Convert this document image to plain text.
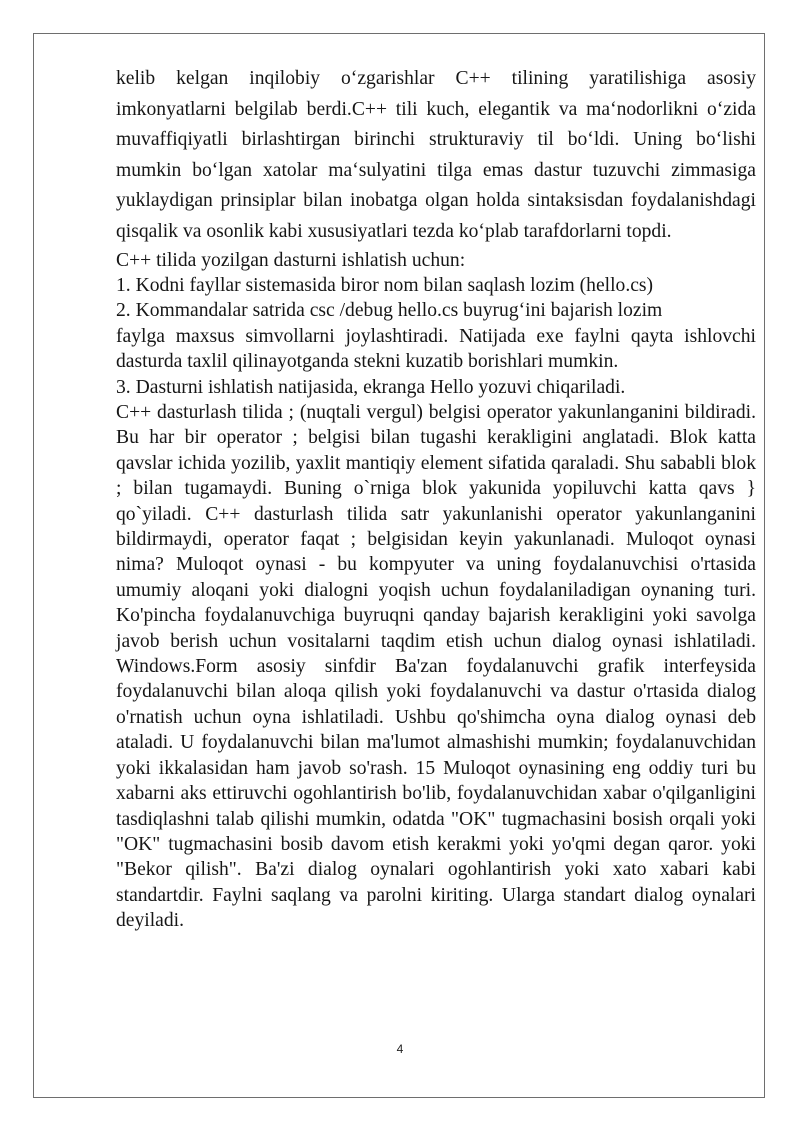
kelib kelgan inqilobiy o‘zgarishlar C++ tilining yaratilishiga asosiy imkonyatlarni belgilab berdi.C++ tili kuch, elegantik va ma‘nodorlikni o‘zida muvaffiqiyatli birlashtirgan birinchi strukturaviy til bo‘ldi. Uning bo‘lishi mumkin bo‘lgan xatolar ma‘sulyatini tilga emas dastur tuzuvchi zimmasiga yuklaydigan prinsiplar bilan inobatga olgan holda sintaksisdan foydalanishdagi qisqalik va osonlik kabi xususiyatlari tezda ko‘plab tarafdorlarni topdi.

C++ tilida yozilgan dasturni ishlatish uchun:

1. Kodni fayllar sistemasida biror nom bilan saqlash lozim (hello.cs)

2. Kommandalar satrida csc /debug hello.cs buyrug‘ini bajarish lozim

faylga maxsus simvollarni joylashtiradi. Natijada exe faylni qayta ishlovchi dasturda taxlil qilinayotganda stekni kuzatib borishlari mumkin.

3. Dasturni ishlatish natijasida, ekranga Hello yozuvi chiqariladi.

C++ dasturlash tilida ; (nuqtali vergul) belgisi operator yakunlanganini bildiradi. Bu har bir operator ; belgisi bilan tugashi kerakligini anglatadi. Blok katta qavslar ichida yozilib, yaxlit mantiqiy element sifatida qaraladi. Shu sababli blok ; bilan tugamaydi. Buning o`rniga blok yakunida yopiluvchi katta qavs } qo`yiladi. C++ dasturlash tilida satr yakunlanishi operator yakunlanganini bildirmaydi, operator faqat ; belgisidan keyin yakunlanadi. Muloqot oynasi nima? Muloqot oynasi - bu kompyuter va uning foydalanuvchisi o'rtasida umumiy aloqani yoki dialogni yoqish uchun foydalaniladigan oynaning turi. Ko'pincha foydalanuvchiga buyruqni qanday bajarish kerakligini yoki savolga javob berish uchun vositalarni taqdim etish uchun dialog oynasi ishlatiladi. Windows.Form asosiy sinfdir Ba'zan foydalanuvchi grafik interfeysida foydalanuvchi bilan aloqa qilish yoki foydalanuvchi va dastur o'rtasida dialog o'rnatish uchun oyna ishlatiladi. Ushbu qo'shimcha oyna dialog oynasi deb ataladi. U foydalanuvchi bilan ma'lumot almashishi mumkin; foydalanuvchidan yoki ikkalasidan ham javob so'rash. 15 Muloqot oynasining eng oddiy turi bu xabarni aks ettiruvchi ogohlantirish bo'lib, foydalanuvchidan xabar o'qilganligini tasdiqlashni talab qilishi mumkin, odatda "OK" tugmachasini bosish orqali yoki "OK" tugmachasini bosib davom etish kerakmi yoki yo'qmi degan qaror. yoki "Bekor qilish". Ba'zi dialog oynalari ogohlantirish yoki xato xabari kabi standartdir. Faylni saqlang va parolni kiriting. Ularga standart dialog oynalari deyiladi.

4
